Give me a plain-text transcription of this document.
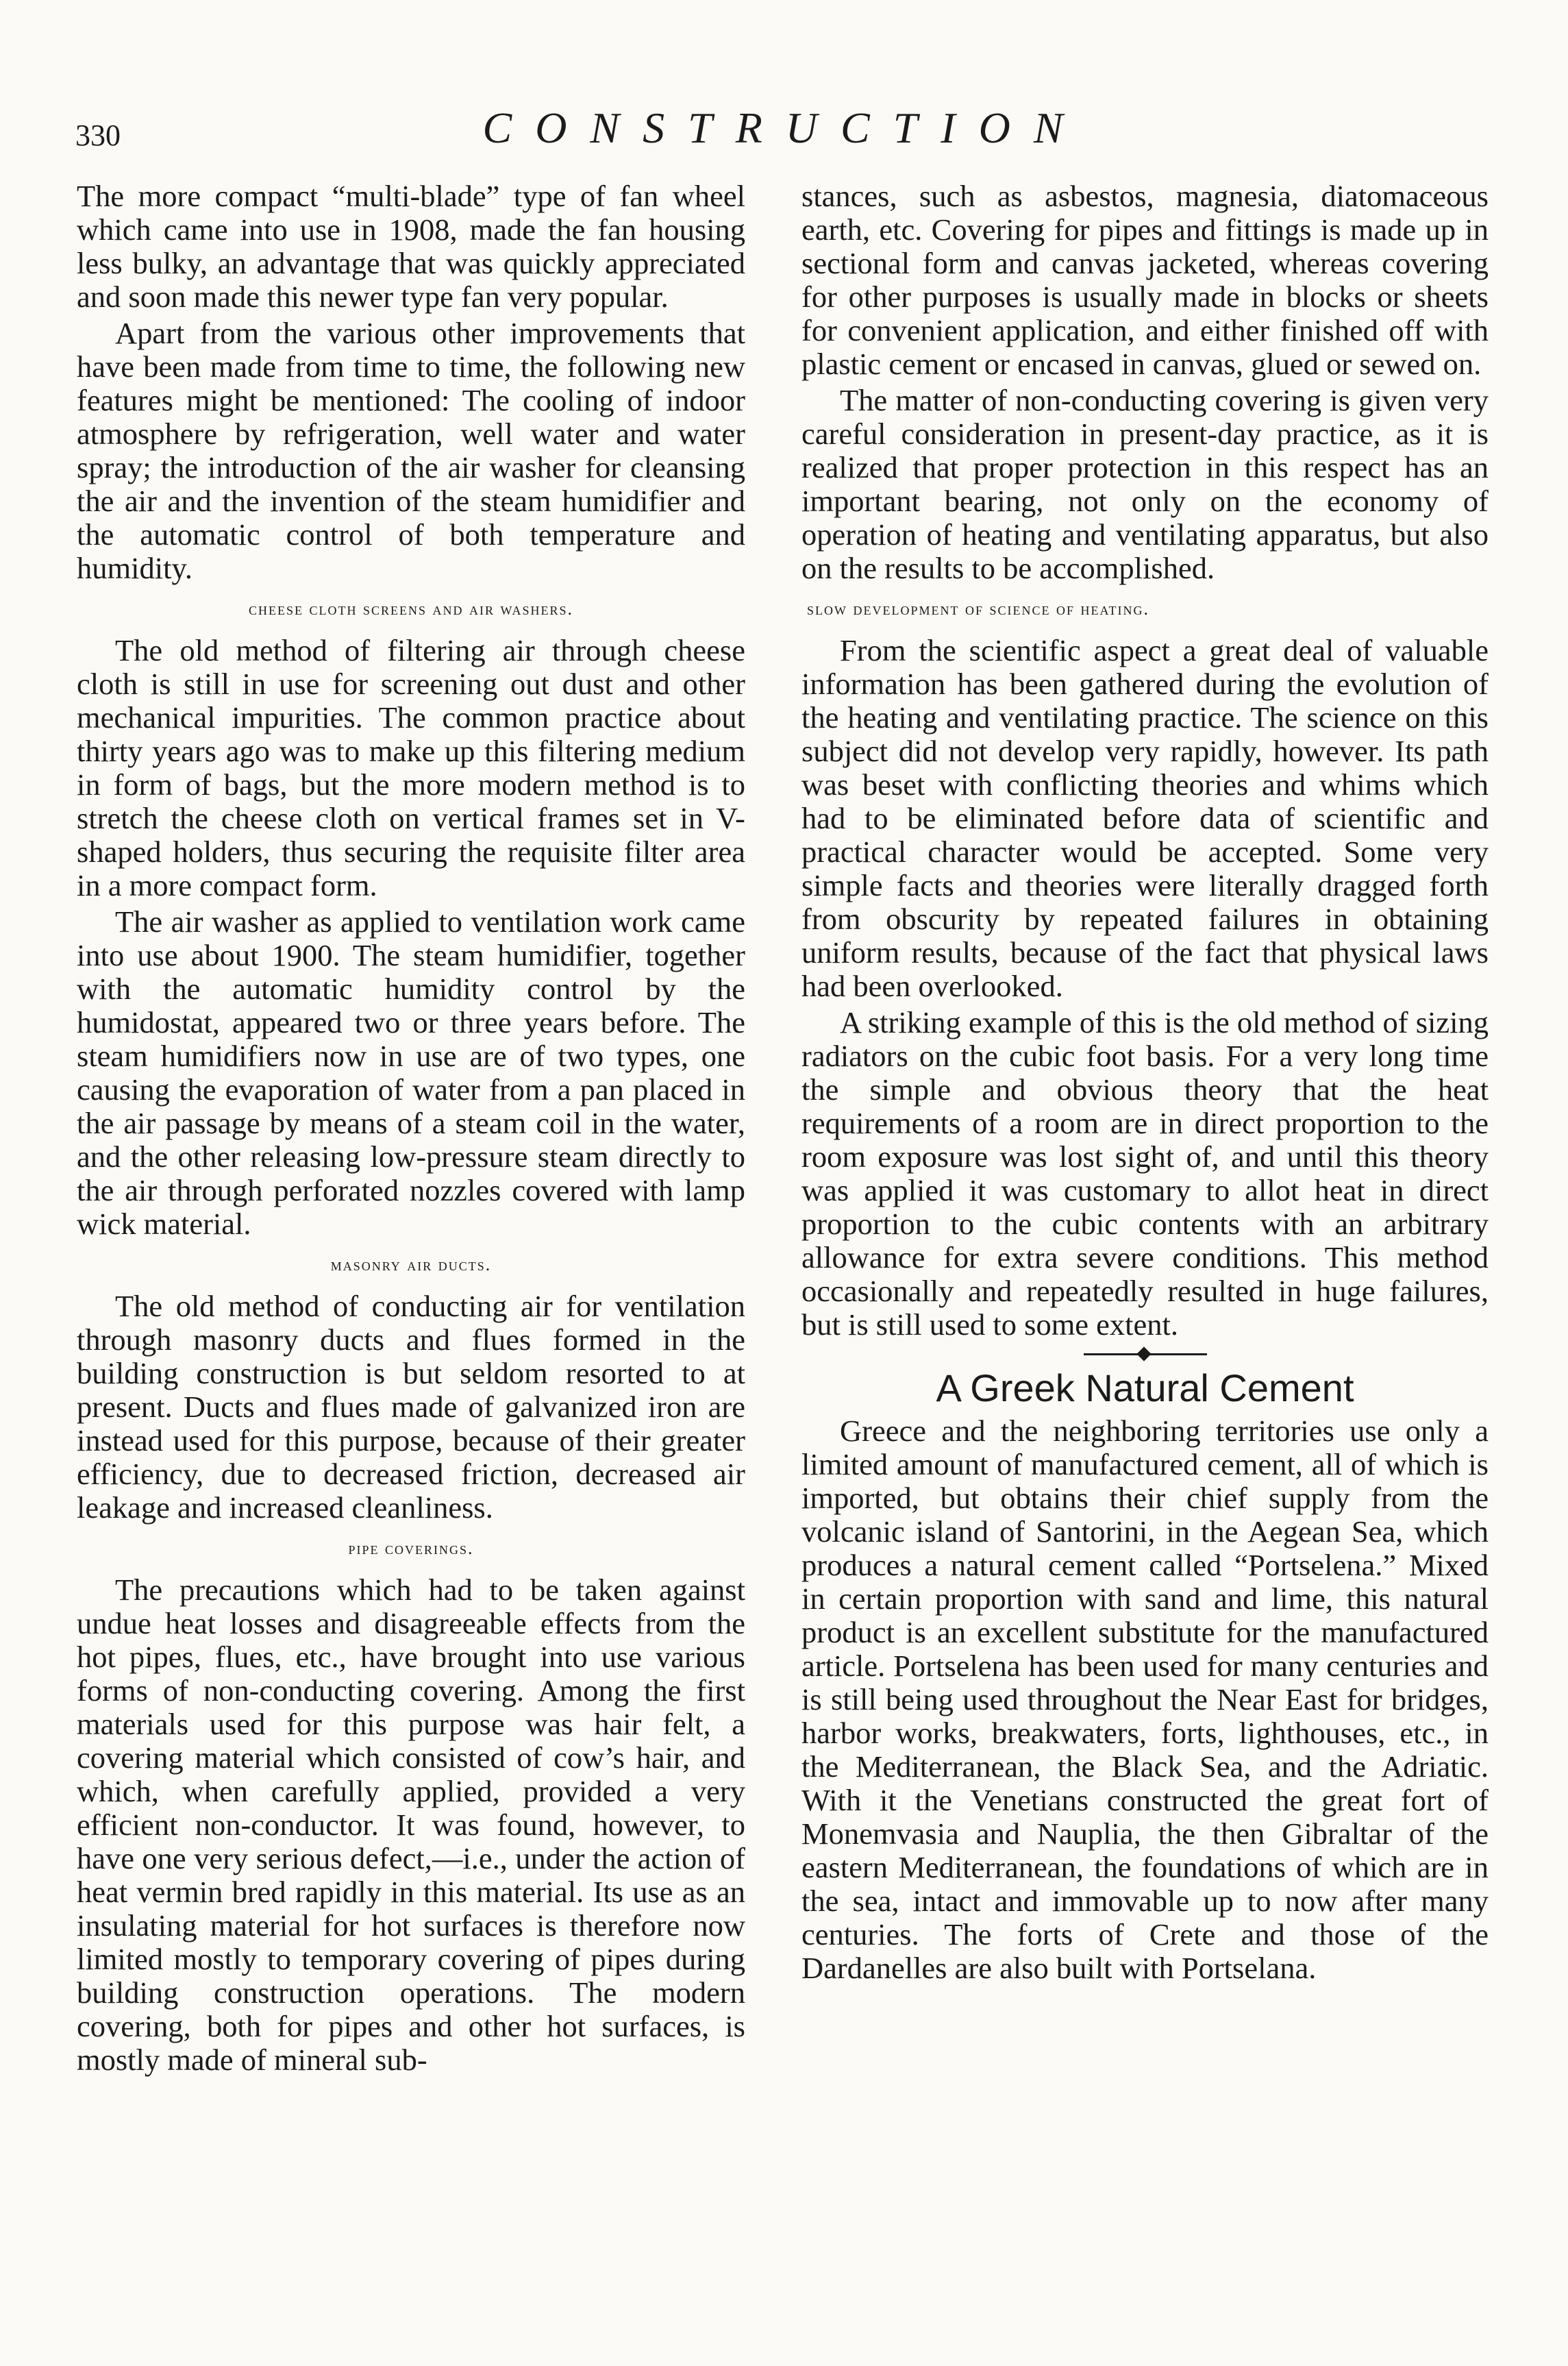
330	CONSTRUCTION

The more compact “multi-blade” type of fan wheel which came into use in 1908, made the fan housing less bulky, an advantage that was quickly appreciated and soon made this newer type fan very popular.

Apart from the various other improvements that have been made from time to time, the following new features might be mentioned: The cooling of indoor atmosphere by refrigeration, well water and water spray; the introduction of the air washer for cleansing the air and the invention of the steam humidifier and the automatic control of both temperature and humidity.

cheese cloth screens and air washers.

The old method of filtering air through cheese cloth is still in use for screening out dust and other mechanical impurities. The common practice about thirty years ago was to make up this filtering medium in form of bags, but the more modern method is to stretch the cheese cloth on vertical frames set in V-shaped holders, thus securing the requisite filter area in a more compact form.

The air washer as applied to ventilation work came into use about 1900. The steam humidifier, together with the automatic humidity control by the humidostat, appeared two or three years before. The steam humidifiers now in use are of two types, one causing the evaporation of water from a pan placed in the air passage by means of a steam coil in the water, and the other releasing low-pressure steam directly to the air through perforated nozzles covered with lamp wick material.

masonry air ducts.

The old method of conducting air for ventilation through masonry ducts and flues formed in the building construction is but seldom resorted to at present. Ducts and flues made of galvanized iron are instead used for this purpose, because of their greater efficiency, due to decreased friction, decreased air leakage and increased cleanliness.

pipe coverings.

The precautions which had to be taken against undue heat losses and disagreeable effects from the hot pipes, flues, etc., have brought into use various forms of non-conducting covering. Among the first materials used for this purpose was hair felt, a covering material which consisted of cow’s hair, and which, when carefully applied, provided a very efficient non-conductor. It was found, however, to have one very serious defect,—i.e., under the action of heat vermin bred rapidly in this material. Its use as an insulating material for hot surfaces is therefore now limited mostly to temporary covering of pipes during building construction operations. The modern covering, both for pipes and other hot surfaces, is mostly made of mineral sub-

stances, such as asbestos, magnesia, diatomaceous earth, etc. Covering for pipes and fittings is made up in sectional form and canvas jacketed, whereas covering for other purposes is usually made in blocks or sheets for convenient application, and either finished off with plastic cement or encased in canvas, glued or sewed on.

The matter of non-conducting covering is given very careful consideration in present-day practice, as it is realized that proper protection in this respect has an important bearing, not only on the economy of operation of heating and ventilating apparatus, but also on the results to be accomplished.

slow development of science of heating.

From the scientific aspect a great deal of valuable information has been gathered during the evolution of the heating and ventilating practice. The science on this subject did not develop very rapidly, however. Its path was beset with conflicting theories and whims which had to be eliminated before data of scientific and practical character would be accepted. Some very simple facts and theories were literally dragged forth from obscurity by repeated failures in obtaining uniform results, because of the fact that physical laws had been overlooked.

A striking example of this is the old method of sizing radiators on the cubic foot basis. For a very long time the simple and obvious theory that the heat requirements of a room are in direct proportion to the room exposure was lost sight of, and until this theory was applied it was customary to allot heat in direct proportion to the cubic contents with an arbitrary allowance for extra severe conditions. This method occasionally and repeatedly resulted in huge failures, but is still used to some extent.

A Greek Natural Cement

Greece and the neighboring territories use only a limited amount of manufactured cement, all of which is imported, but obtains their chief supply from the volcanic island of Santorini, in the Aegean Sea, which produces a natural cement called “Portselena.” Mixed in certain proportion with sand and lime, this natural product is an excellent substitute for the manufactured article. Portselena has been used for many centuries and is still being used throughout the Near East for bridges, harbor works, breakwaters, forts, lighthouses, etc., in the Mediterranean, the Black Sea, and the Adriatic. With it the Venetians constructed the great fort of Monemvasia and Nauplia, the then Gibraltar of the eastern Mediterranean, the foundations of which are in the sea, intact and immovable up to now after many centuries. The forts of Crete and those of the Dardanelles are also built with Portselana.
